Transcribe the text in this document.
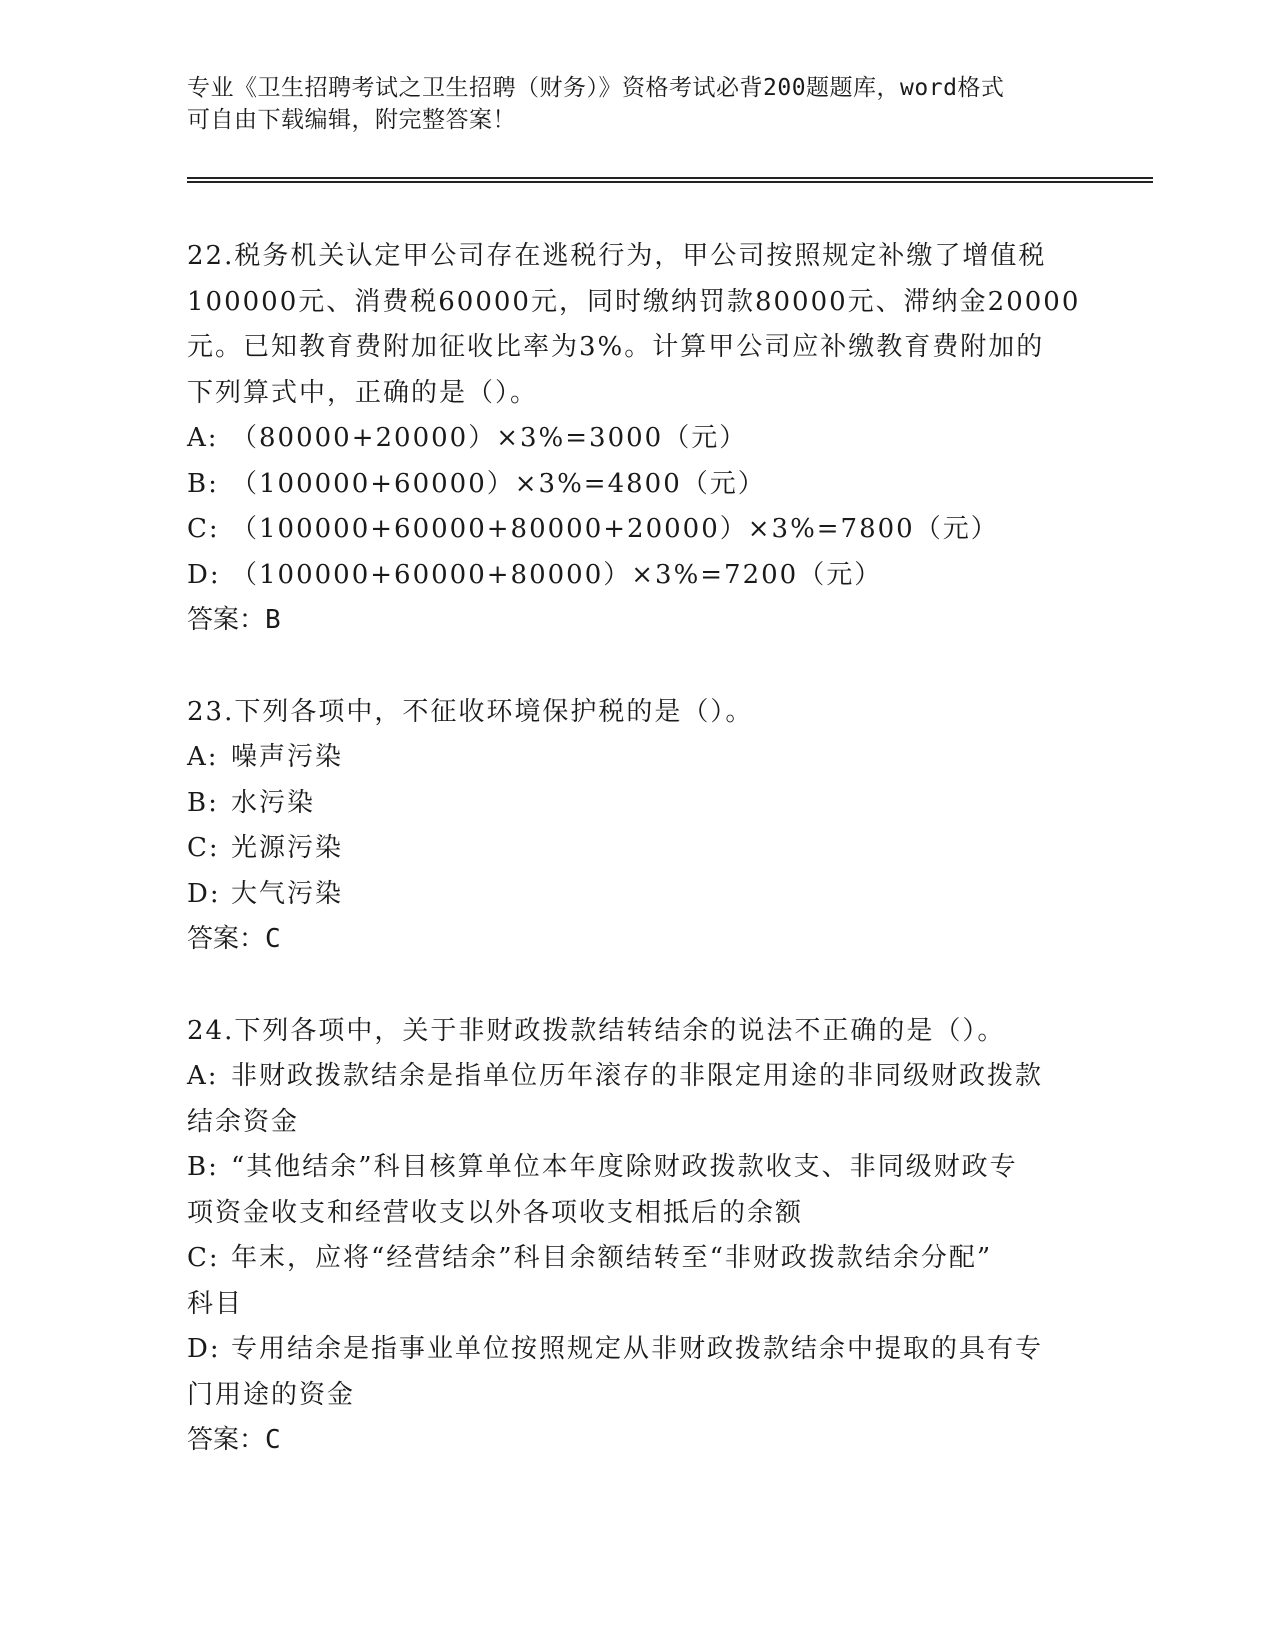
专业《卫生招聘考试之卫生招聘（财务）》资格考试必背200题题库，word格式

可自由下载编辑，附完整答案！

22.税务机关认定甲公司存在逃税行为，甲公司按照规定补缴了增值税

100000元、消费税60000元，同时缴纳罚款80000元、滞纳金20000

元。已知教育费附加征收比率为3%。计算甲公司应补缴教育费附加的

下列算式中，正确的是（）。

A: （80000+20000）×3%=3000（元）
B: （100000+60000）×3%=4800（元）
C: （100000+60000+80000+20000）×3%=7800（元）
D: （100000+60000+80000）×3%=7200（元）

答案：B

23.下列各项中，不征收环境保护税的是（）。

A: 噪声污染
B: 水污染
C: 光源污染
D: 大气污染

答案：C

24.下列各项中，关于非财政拨款结转结余的说法不正确的是（）。

A: 非财政拨款结余是指单位历年滚存的非限定用途的非同级财政拨款

结余资金

B: “其他结余”科目核算单位本年度除财政拨款收支、非同级财政专

项资金收支和经营收支以外各项收支相抵后的余额

C: 年末，应将“经营结余”科目余额结转至“非财政拨款结余分配”

科目

D: 专用结余是指事业单位按照规定从非财政拨款结余中提取的具有专

门用途的资金

答案：C
